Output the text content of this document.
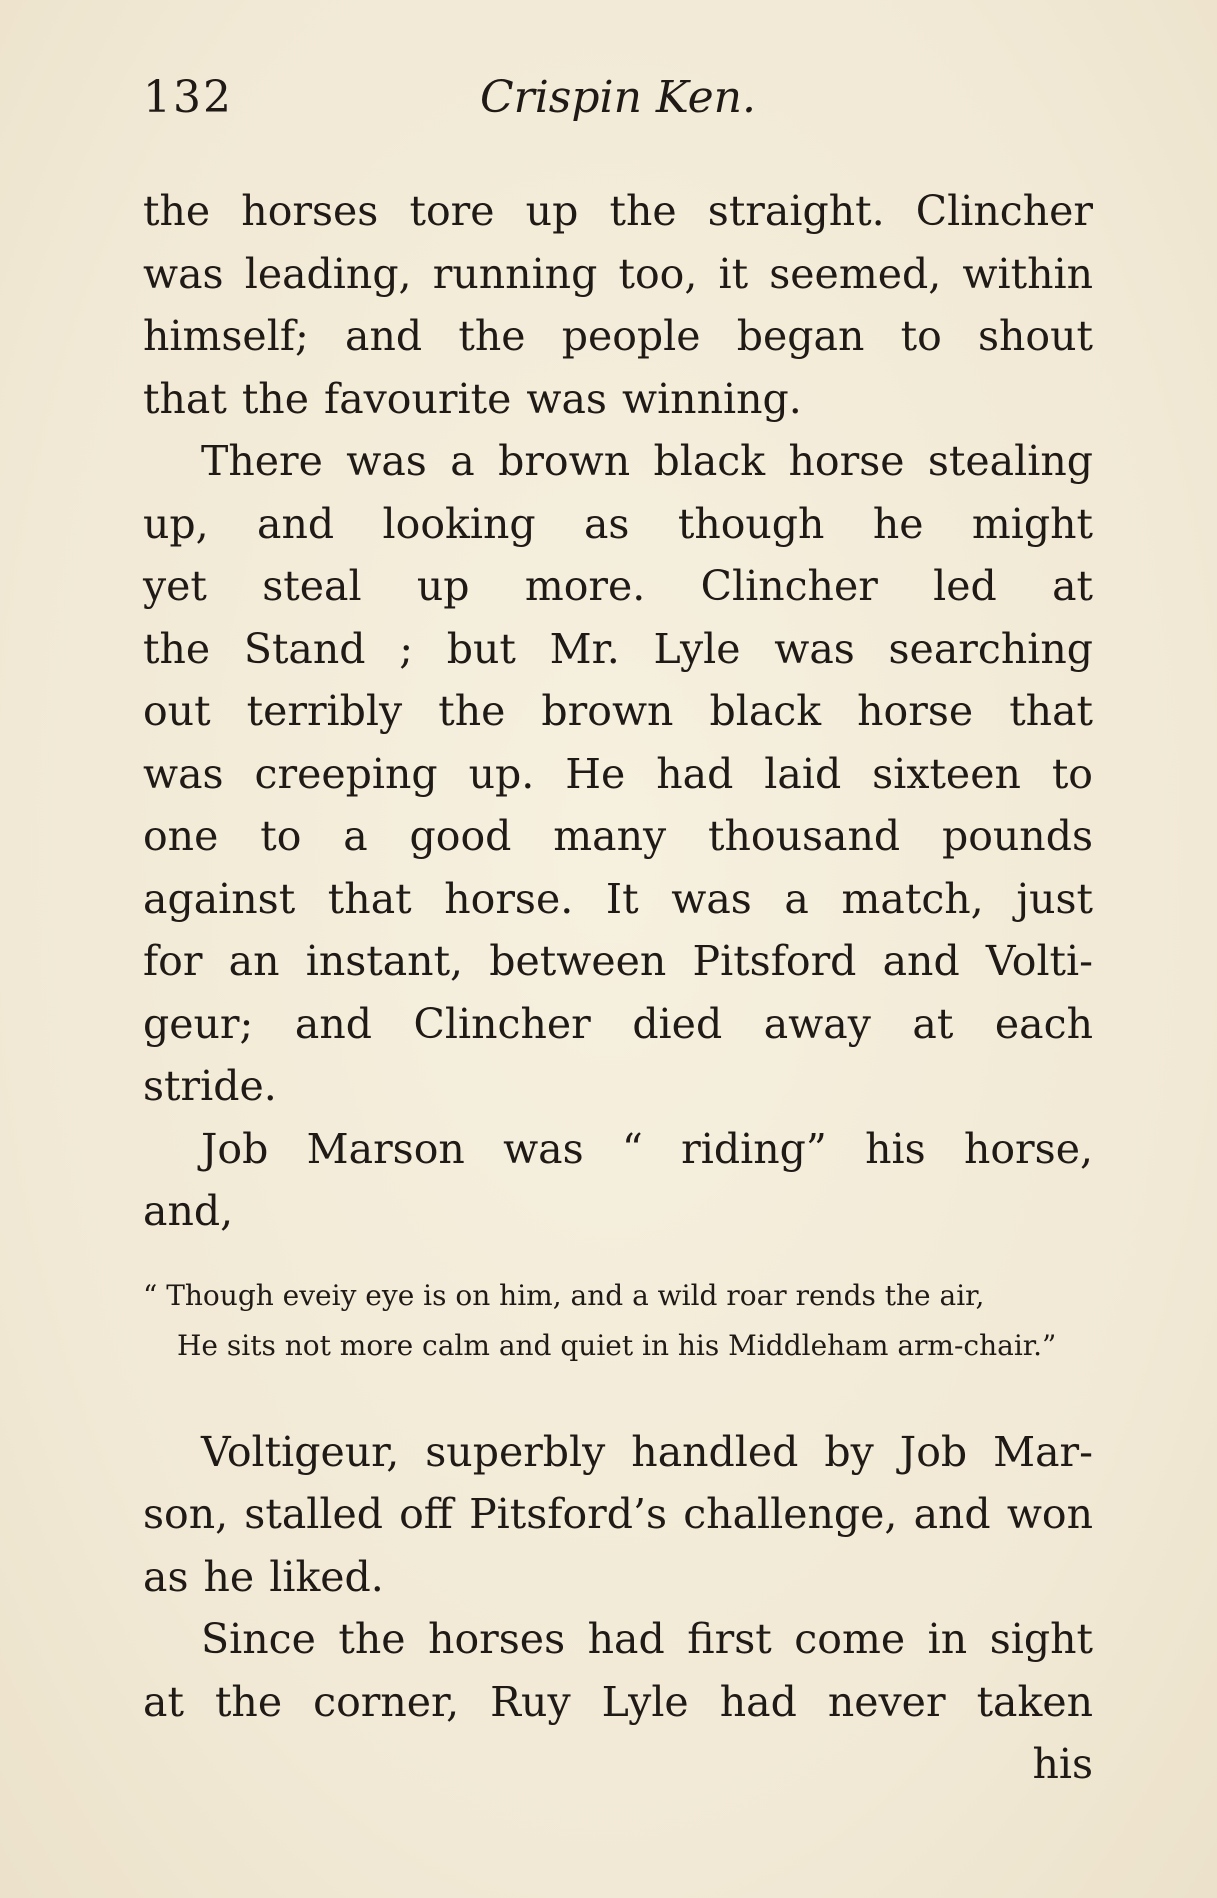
132	Crispin Ken.
the horses tore up the straight. Clincher
was leading, running too, it seemed, within
himself; and the people began to shout
that the favourite was winning.
There was a brown black horse stealing
up, and looking as though he might
yet steal up more. Clincher led at
the Stand ; but Mr. Lyle was searching
out terribly the brown black horse that
was creeping up. He had laid sixteen to
one to a good many thousand pounds
against that horse. It was a match, just
for an instant, between Pitsford and Volti-
geur; and Clincher died away at each
stride.
Job Marson was “ riding” his horse,
and,
“ Though eveiy eye is on him, and a wild roar rends the air,
He sits not more calm and quiet in his Middleham arm-chair.”
Voltigeur, superbly handled by Job Mar-
son, stalled off Pitsford’s challenge, and won
as he liked.
Since the horses had first come in sight
at the corner, Ruy Lyle had never taken
his
